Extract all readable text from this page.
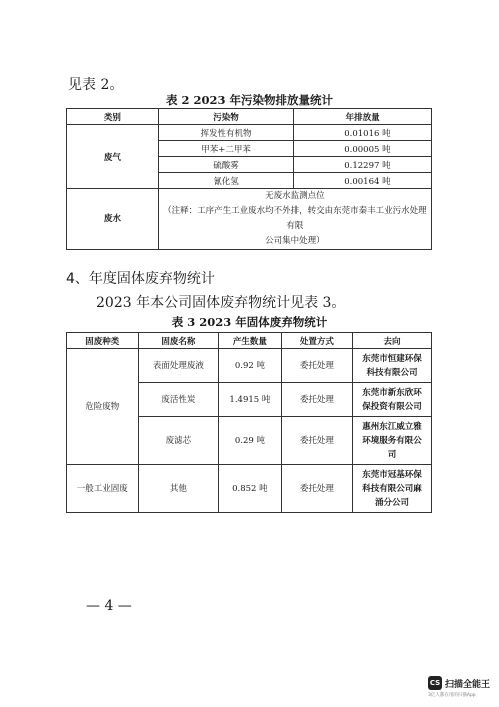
见表 2。
表 2 2023 年污染物排放量统计
类别	污染物	年排放量
废气	挥发性有机物	0.01016 吨
	甲苯+二甲苯	0.00005 吨
	硫酸雾	0.12297 吨
	氰化氢	0.00164 吨
废水	无废水监测点位
（注释：工序产生工业废水均不外排，转交由东莞市秦丰工业污水处理有限
公司集中处理）	
4、年度固体废弃物统计
2023 年本公司固体废弃物统计见表 3。
表 3 2023 年固体废弃物统计
固废种类	固废名称	产生数量	处置方式	去向
危险废物	表面处理废液	0.92 吨	委托处理	东莞市恒建环保
科技有限公司

	废活性炭	1.4915 吨	委托处理	东莞市新东欣环
保投资有限公司

	废滤芯	0.29 吨	委托处理	惠州东江威立雅
环境服务有限公
司

一般工业固废	其他	0.852 吨	委托处理	东莞市冠基环保
科技有限公司麻
涌分公司
— 4 —
CS 扫描全能王
3亿人都在用的扫描App
